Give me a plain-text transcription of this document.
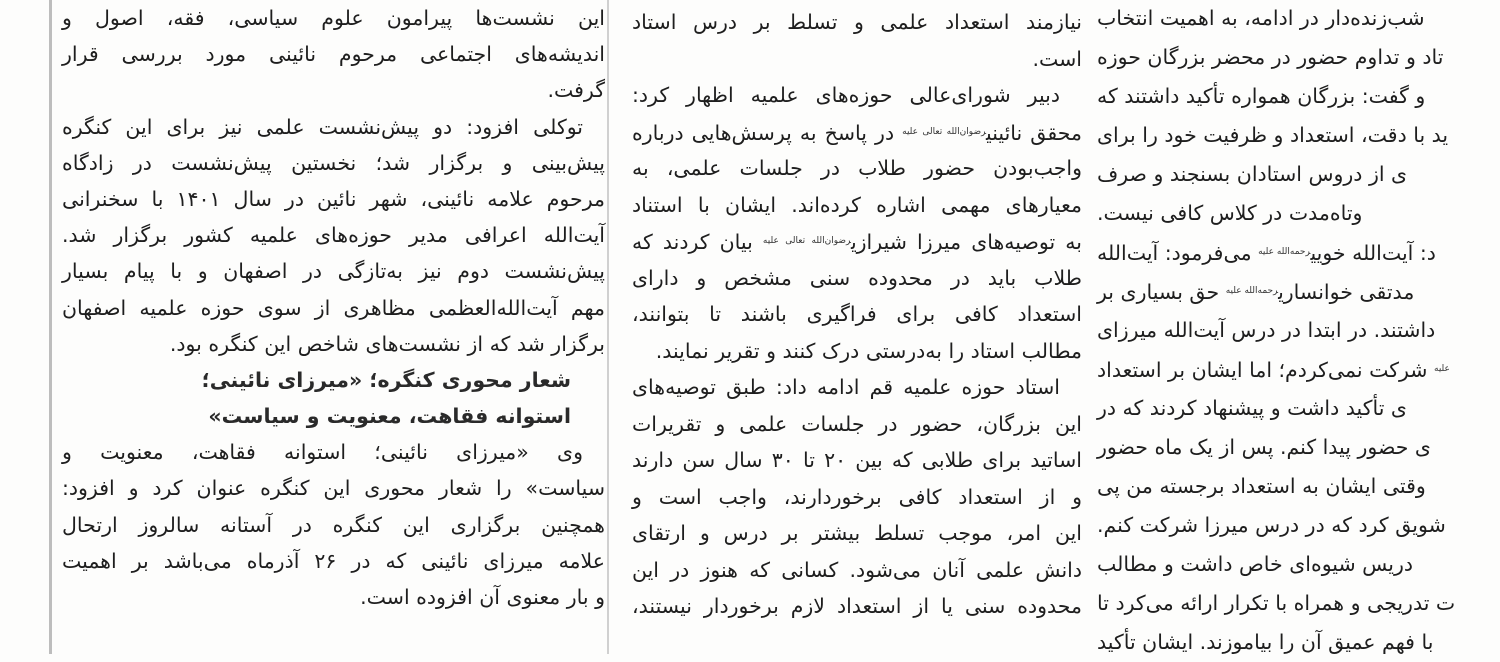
این نشست‌ها پیرامون علوم سیاسی، فقه، اصول و
اندیشه‌های اجتماعی مرحوم نائینی مورد بررسی قرار
گرفت.
توکلی افزود: دو پیش‌نشست علمی نیز برای این کنگره
پیش‌بینی و برگزار شد؛ نخستین پیش‌نشست در زادگاه
مرحوم علامه نائینی، شهر نائین در سال ۱۴۰۱ با سخنرانی
آیت‌الله اعرافی مدیر حوزه‌های علمیه کشور برگزار شد.
پیش‌نشست دوم نیز به‌تازگی در اصفهان و با پیام بسیار
مهم آیت‌الله‌العظمی مظاهری از سوی حوزه علمیه اصفهان
برگزار شد که از نشست‌های شاخص این کنگره بود.
شعار محوری کنگره؛ «میرزای نائینی؛
استوانه فقاهت، معنویت و سیاست»
وی «میرزای نائینی؛ استوانه فقاهت، معنویت و
سیاست» را شعار محوری این کنگره عنوان کرد و افزود:
همچنین برگزاری این کنگره در آستانه سالروز ارتحال
علامه میرزای نائینی که در ۲۶ آذرماه می‌باشد بر اهمیت
و بار معنوی آن افزوده است.
نیازمند استعداد علمی و تسلط بر درس استاد
است.
دبیر شورای‌عالی حوزه‌های علمیه اظهار کرد:
محقق نائینی$^{رضوان‌الله تعالی علیه}$ در پاسخ به پرسش‌هایی درباره
واجب‌بودن حضور طلاب در جلسات علمی، به
معیارهای مهمی اشاره کرده‌اند. ایشان با استناد
به توصیه‌های میرزا شیرازی$^{رضوان‌الله تعالی علیه}$ بیان کردند که
طلاب باید در محدوده سنی مشخص و دارای
استعداد کافی برای فراگیری باشند تا بتوانند،
مطالب استاد را به‌درستی درک کنند و تقریر نمایند.
استاد حوزه علمیه قم ادامه داد: طبق توصیه‌های
این بزرگان، حضور در جلسات علمی و تقریرات
اساتید برای طلابی که بین ۲۰ تا ۳۰ سال سن دارند
و از استعداد کافی برخوردارند، واجب است و
این امر، موجب تسلط بیشتر بر درس و ارتقای
دانش علمی آنان می‌شود. کسانی که هنوز در این
محدوده سنی یا از استعداد لازم برخوردار نیستند،
شب‌زنده‌دار در ادامه، به اهمیت انتخاب
تاد و تداوم حضور در محضر بزرگان حوزه
و گفت: بزرگان همواره تأکید داشتند که
ید با دقت، استعداد و ظرفیت خود را برای
ی از دروس استادان بسنجند و صرف
وتاه‌مدت در کلاس کافی نیست.
د: آیت‌الله خویی$^{رحمه‌الله علیه}$ می‌فرمود: آیت‌الله
مدتقی خوانساری$^{رحمه‌الله علیه}$ حق بسیاری بر
داشتند. در ابتدا در درس آیت‌الله میرزای
$^{علیه}$ شرکت نمی‌کردم؛ اما ایشان بر استعداد
ی تأکید داشت و پیشنهاد کردند که در
ی حضور پیدا کنم. پس از یک ماه حضور
وقتی ایشان به استعداد برجسته من پی
شویق کرد که در درس میرزا شرکت کنم.
دریس شیوه‌ای خاص داشت و مطالب
ت تدریجی و همراه با تکرار ارائه می‌کرد تا
با فهم عمیق آن را بیاموزند. ایشان تأکید
